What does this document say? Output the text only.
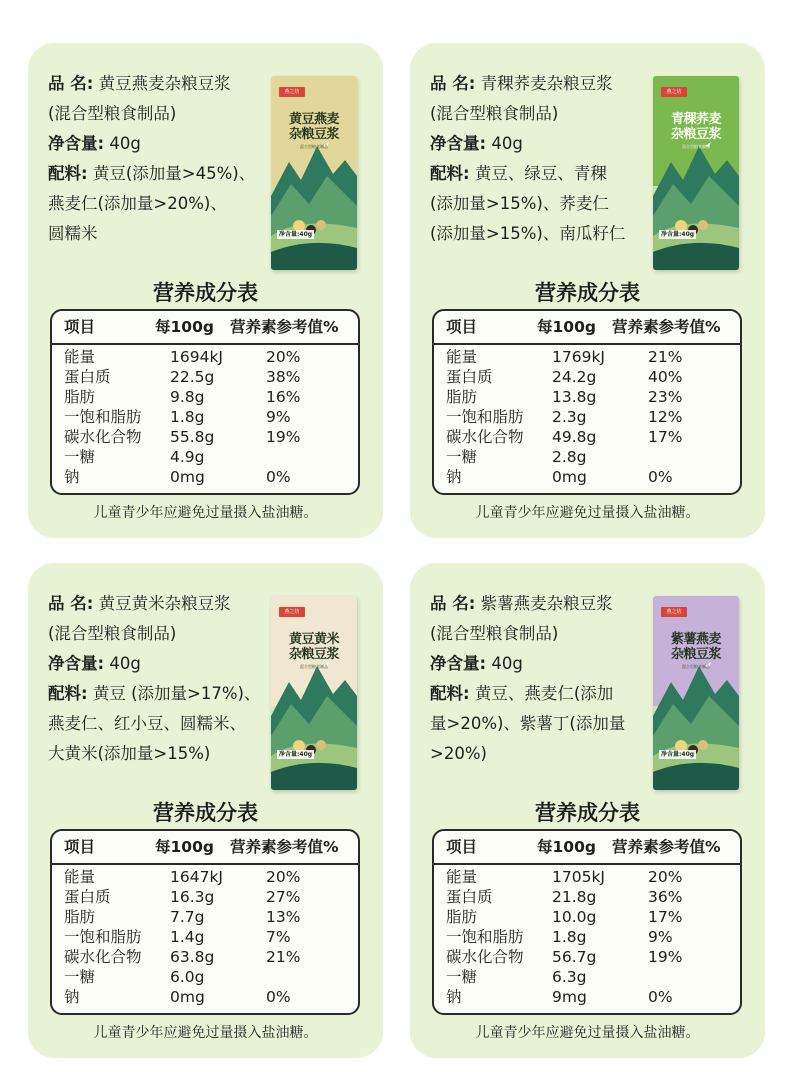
品 名: 黄豆燕麦杂粮豆浆
(混合型粮食制品)
净含量: 40g
配料: 黄豆(添加量>45%)、
燕麦仁(添加量>20%)、
圆糯米
燕之坊
黄豆燕麦
杂粮豆浆
混合型粮食制品
净含量:40g
营养成分表
项目	每100g 营养素参考值%
能量	1694kJ	20%
蛋白质	22.5g	38%
脂肪	9.8g	16%
一饱和脂肪 1.8g	9%
碳水化合物 55.8g	19%
一糖	4.9g
钠	0mg	0%
儿童青少年应避免过量摄入盐油糖。
品 名: 青稞荞麦杂粮豆浆
(混合型粮食制品)
净含量: 40g
配料: 黄豆、绿豆、青稞
(添加量>15%)、荞麦仁
(添加量>15%)、南瓜籽仁
燕之坊
青稞荞麦
杂粮豆浆
混合型粮食制品
净含量:40g
营养成分表
项目	每100g 营养素参考值%
能量	1769kJ	21%
蛋白质	24.2g	40%
脂肪	13.8g	23%
一饱和脂肪 2.3g	12%
碳水化合物 49.8g	17%
一糖	2.8g
钠	0mg	0%
儿童青少年应避免过量摄入盐油糖。
品 名: 黄豆黄米杂粮豆浆
(混合型粮食制品)
净含量: 40g
配料: 黄豆 (添加量>17%)、
燕麦仁、红小豆、圆糯米、
大黄米(添加量>15%)
燕之坊
黄豆黄米
杂粮豆浆
混合型粮食制品
净含量:40g
营养成分表
项目	每100g 营养素参考值%
能量	1647kJ	20%
蛋白质	16.3g	27%
脂肪	7.7g	13%
一饱和脂肪 1.4g	7%
碳水化合物 63.8g	21%
一糖	6.0g
钠	0mg	0%
儿童青少年应避免过量摄入盐油糖。
品 名: 紫薯燕麦杂粮豆浆
(混合型粮食制品)
净含量: 40g
配料: 黄豆、燕麦仁(添加
量>20%)、紫薯丁(添加量
>20%)
燕之坊
紫薯燕麦
杂粮豆浆
混合型粮食制品
净含量:40g
营养成分表
项目	每100g 营养素参考值%
能量	1705kJ	20%
蛋白质	21.8g	36%
脂肪	10.0g	17%
一饱和脂肪 1.8g	9%
碳水化合物 56.7g	19%
一糖	6.3g
钠	9mg	0%
儿童青少年应避免过量摄入盐油糖。
